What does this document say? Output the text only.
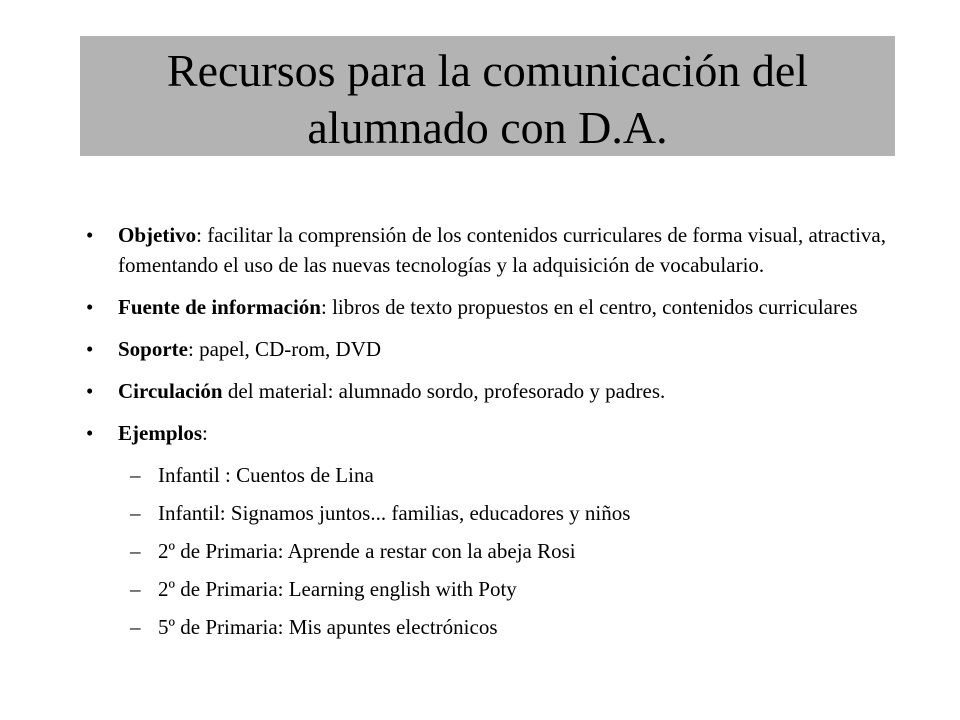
Recursos para la comunicación del
alumnado con D.A.
• Objetivo: facilitar la comprensión de los contenidos curriculares de forma visual, atractiva, fomentando el uso de las nuevas tecnologías y la adquisición de vocabulario.
• Fuente de información: libros de texto propuestos en el centro, contenidos curriculares
• Soporte: papel, CD-rom, DVD
• Circulación del material: alumnado sordo, profesorado y padres.
• Ejemplos:
– Infantil : Cuentos de Lina
– Infantil: Signamos juntos... familias, educadores y niños
– 2º de Primaria: Aprende a restar con la abeja Rosi
– 2º de Primaria: Learning english with Poty
– 5º de Primaria: Mis apuntes electrónicos
